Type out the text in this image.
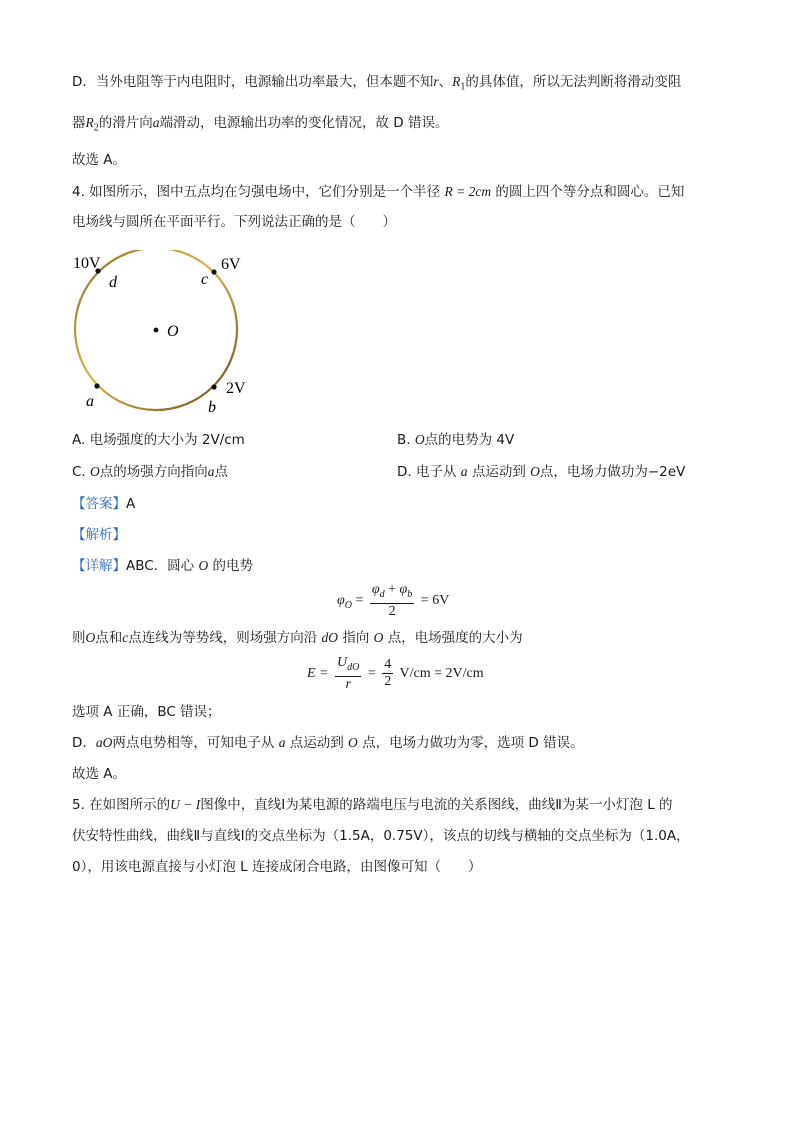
D．当外电阻等于内电阻时，电源输出功率最大，但本题不知r、$R_1$的具体值，所以无法判断将滑动变阻
器$R_2$的滑片向a端滑动，电源输出功率的变化情况，故 D 错误。
故选 A。
4. 如图所示，图中五点均在匀强电场中，它们分别是一个半径 R = 2cm 的圆上四个等分点和圆心。已知
电场线与圆所在平面平行。下列说法正确的是（　　）
10V	6V
2V
d	c
a	b
O
A. 电场强度的大小为 2V/cm	B. O点的电势为 4V
C. O点的场强方向指向a点	D. 电子从 a 点运动到 O点，电场力做功为−2eV
【答案】A
【解析】
【详解】ABC．圆心 O 的电势
$\varphi_O = \frac{\varphi_d + \varphi_b}{2} = 6V$
则O点和c点连线为等势线，则场强方向沿 dO 指向 O 点，电场强度的大小为
$E = \frac{U_{dO}}{r} = \frac{4}{2} V/cm = 2V/cm$
选项 A 正确，BC 错误；
D．aO两点电势相等，可知电子从 a 点运动到 O 点，电场力做功为零，选项 D 错误。
故选 A。
5. 在如图所示的U − I图像中，直线Ⅰ为某电源的路端电压与电流的关系图线，曲线Ⅱ为某一小灯泡 L 的
伏安特性曲线，曲线Ⅱ与直线Ⅰ的交点坐标为（1.5A，0.75V），该点的切线与横轴的交点坐标为（1.0A，
0），用该电源直接与小灯泡 L 连接成闭合电路，由图像可知（　　）
